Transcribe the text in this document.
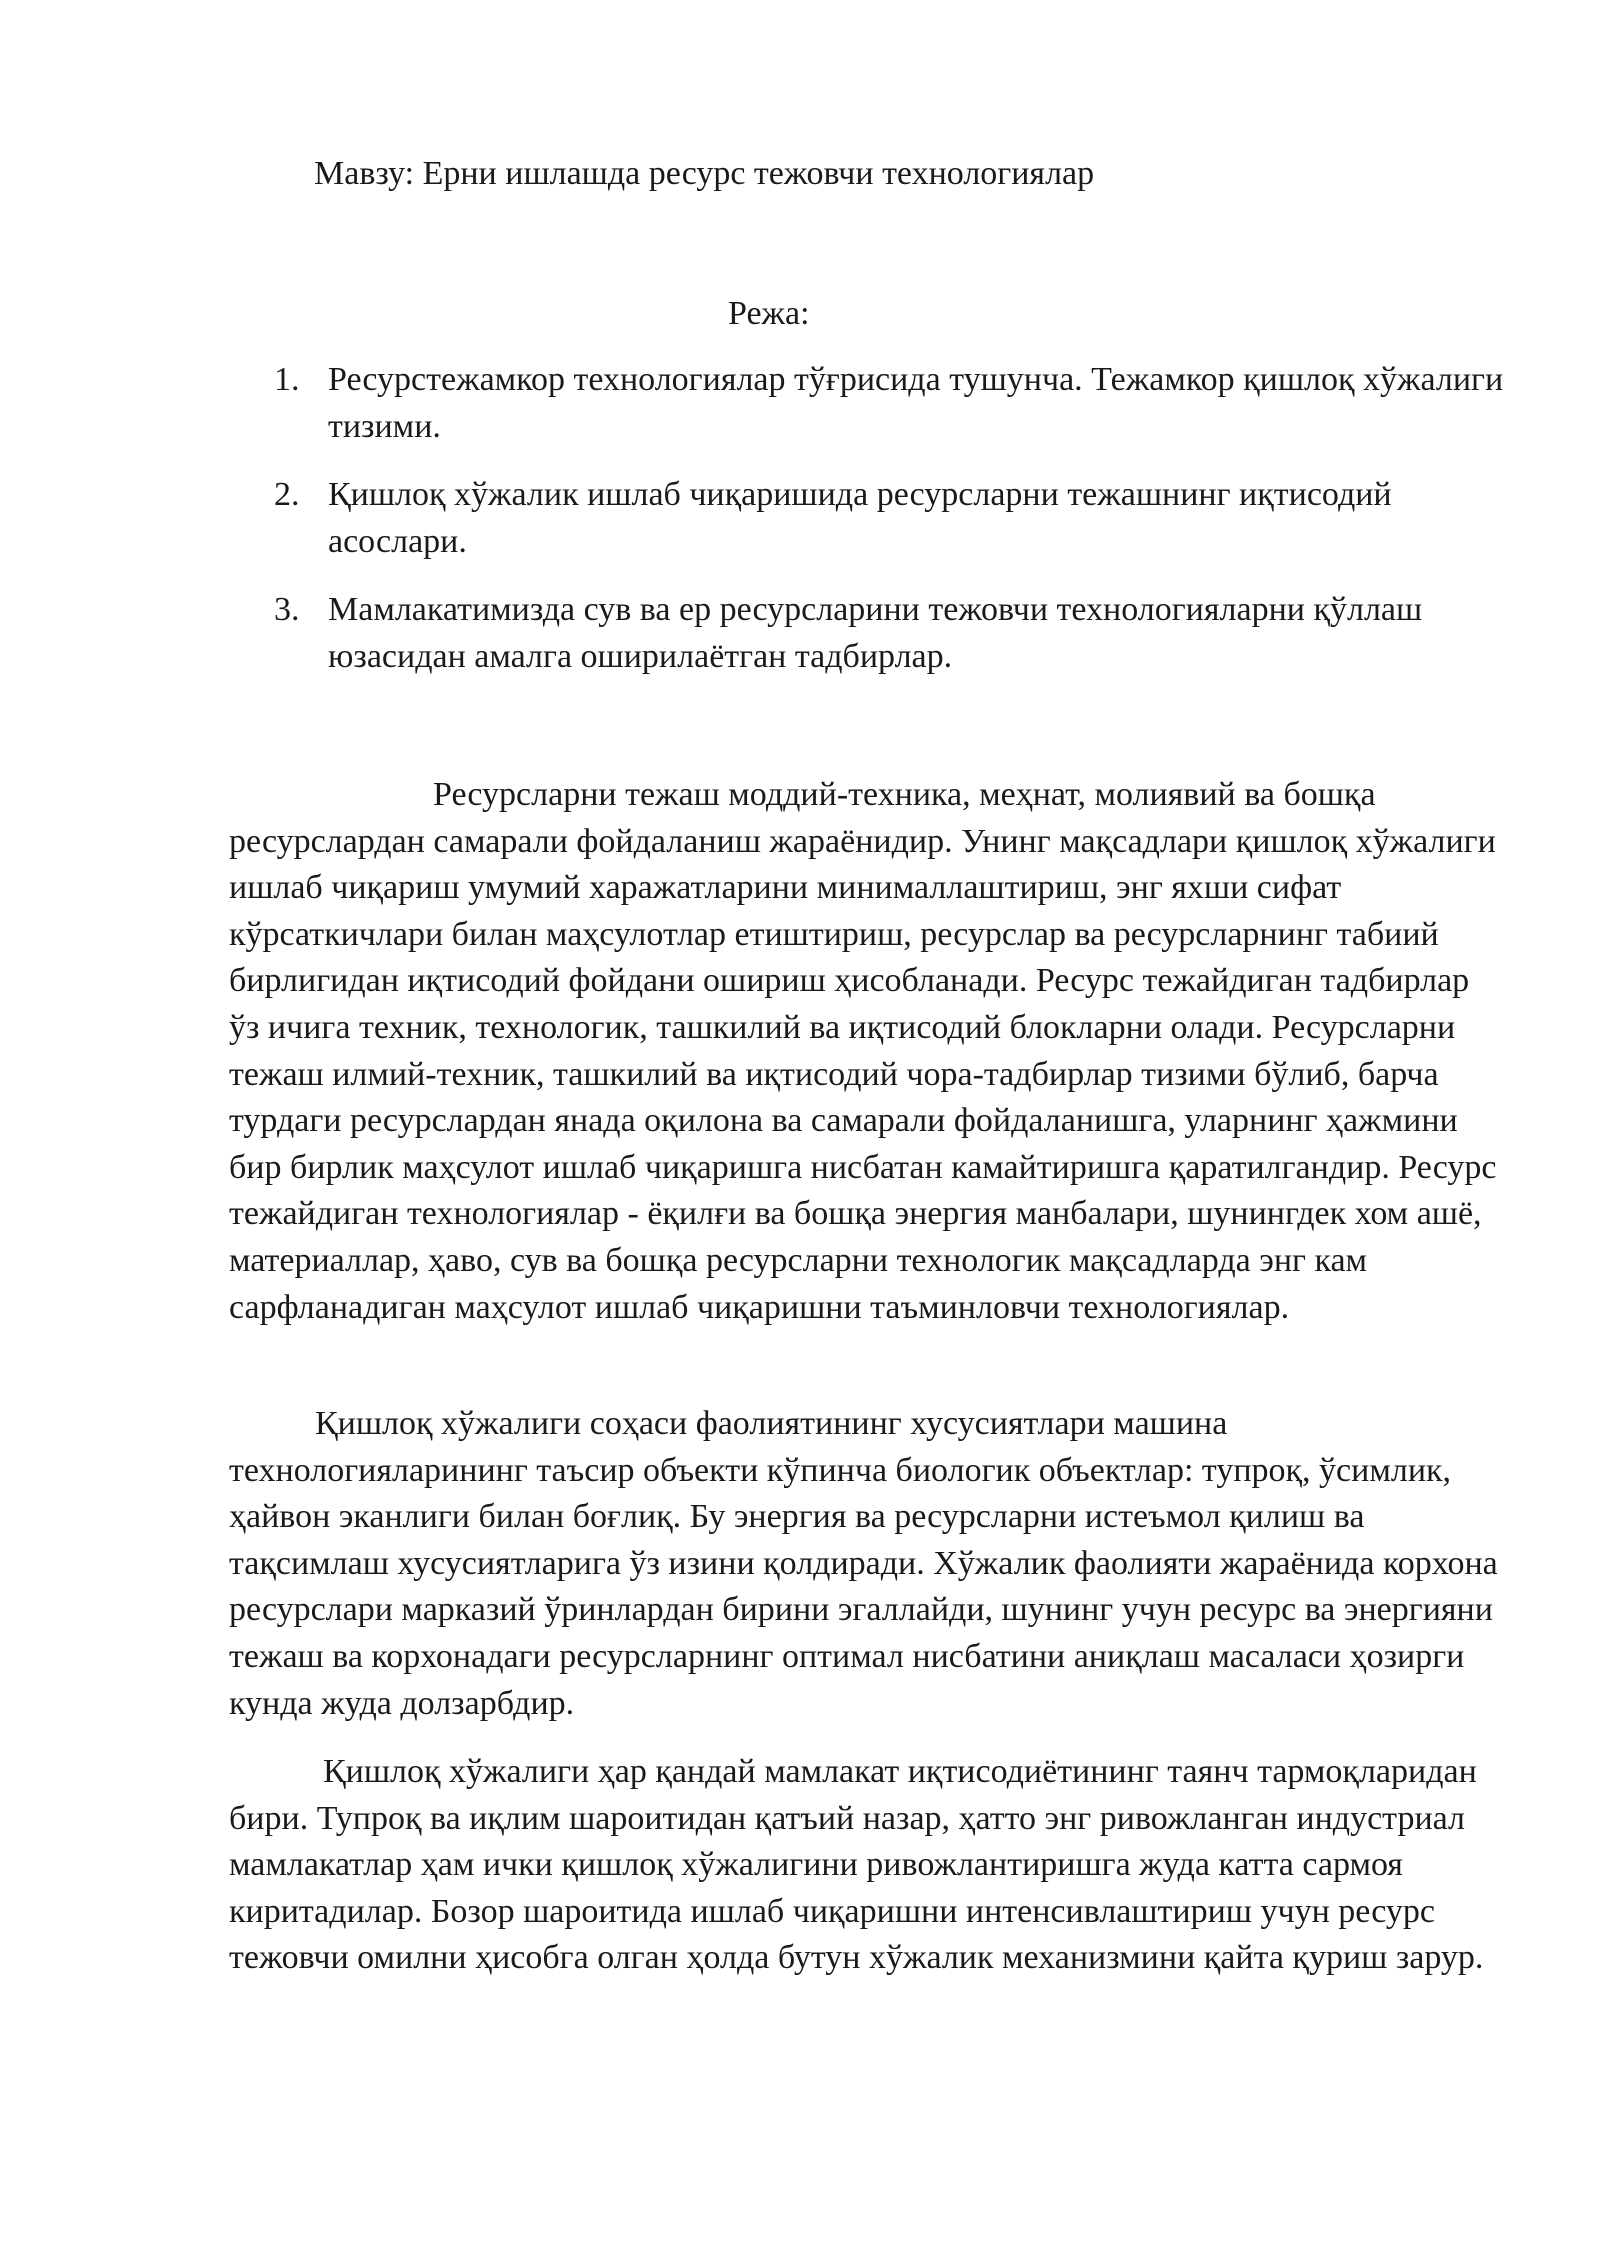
Мавзу: Ерни ишлашда ресурс тежовчи технологиялар
Режа:
1. Ресурстежамкор технологиялар тўғрисида тушунча. Тежамкор қишлоқ хўжалиги тизими.
2. Қишлоқ хўжалик ишлаб чиқаришида ресурсларни тежашнинг иқтисодий асослари.
3. Мамлакатимизда сув ва ер ресурсларини тежовчи технологияларни қўллаш юзасидан амалга оширилаётган тадбирлар.

Ресурсларни тежаш моддий-техника, меҳнат, молиявий ва бошқа ресурслардан самарали фойдаланиш жараёнидир. Унинг мақсадлари қишлоқ хўжалиги ишлаб чиқариш умумий харажатларини минималлаштириш, энг яхши сифат кўрсаткичлари билан маҳсулотлар етиштириш, ресурслар ва ресурсларнинг табиий бирлигидан иқтисодий фойдани ошириш ҳисобланади. Ресурс тежайдиган тадбирлар ўз ичига техник, технологик, ташкилий ва иқтисодий блокларни олади. Ресурсларни тежаш илмий-техник, ташкилий ва иқтисодий чора-тадбирлар тизими бўлиб, барча турдаги ресурслардан янада оқилона ва самарали фойдаланишга, уларнинг ҳажмини бир бирлик маҳсулот ишлаб чиқаришга нисбатан камайтиришга қаратилгандир. Ресурс тежайдиган технологиялар - ёқилғи ва бошқа энергия манбалари, шунингдек хом ашё, материаллар, ҳаво, сув ва бошқа ресурсларни технологик мақсадларда энг кам сарфланадиган маҳсулот ишлаб чиқаришни таъминловчи технологиялар.

Қишлоқ хўжалиги соҳаси фаолиятининг хусусиятлари машина технологияларининг таъсир объекти кўпинча биологик объектлар: тупроқ, ўсимлик, ҳайвон эканлиги билан боғлиқ. Бу энергия ва ресурсларни истеъмол қилиш ва тақсимлаш хусусиятларига ўз изини қолдиради. Хўжалик фаолияти жараёнида корхона ресурслари марказий ўринлардан бирини эгаллайди, шунинг учун ресурс ва энергияни тежаш ва корхонадаги ресурсларнинг оптимал нисбатини аниқлаш масаласи ҳозирги кунда жуда долзарбдир.

Қишлоқ хўжалиги ҳар қандай мамлакат иқтисодиётининг таянч тармоқларидан бири. Тупроқ ва иқлим шароитидан қатъий назар, ҳатто энг ривожланган индустриал мамлакатлар ҳам ички қишлоқ хўжалигини ривожлантиришга жуда катта сармоя киритадилар. Бозор шароитида ишлаб чиқаришни интенсивлаштириш учун ресурс тежовчи омилни ҳисобга олган ҳолда бутун хўжалик механизмини қайта қуриш зарур.
